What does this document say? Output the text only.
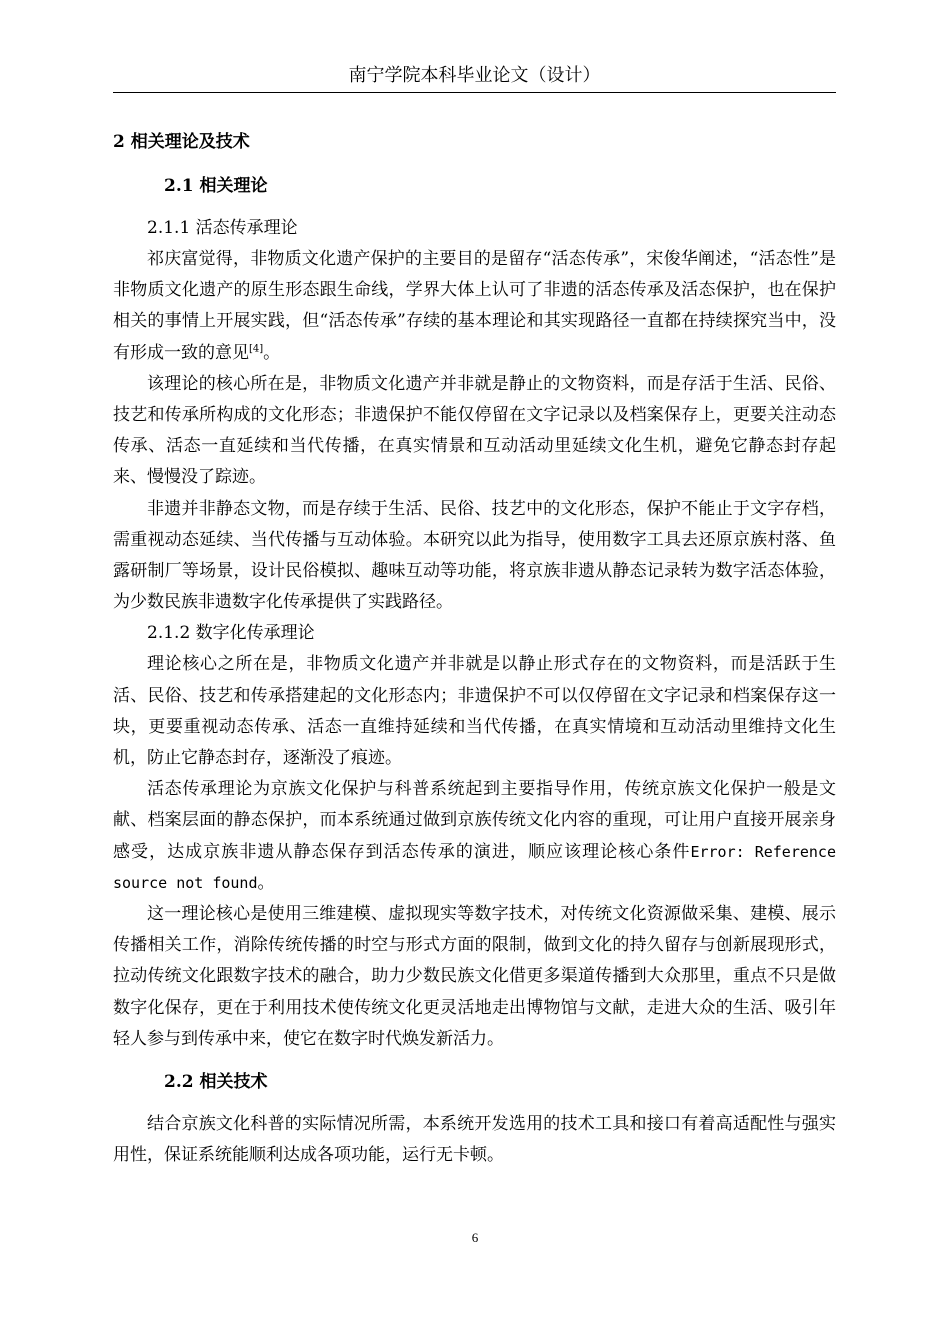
南宁学院本科毕业论文（设计）
2 相关理论及技术
2.1 相关理论
2.1.1 活态传承理论

祁庆富觉得，非物质文化遗产保护的主要目的是留存“活态传承”，宋俊华阐述，“活态性”是非物质文化遗产的原生形态跟生命线，学界大体上认可了非遗的活态传承及活态保护，也在保护相关的事情上开展实践，但“活态传承”存续的基本理论和其实现路径一直都在持续探究当中，没有形成一致的意见[4]。

该理论的核心所在是，非物质文化遗产并非就是静止的文物资料，而是存活于生活、民俗、技艺和传承所构成的文化形态；非遗保护不能仅停留在文字记录以及档案保存上，更要关注动态传承、活态一直延续和当代传播，在真实情景和互动活动里延续文化生机，避免它静态封存起来、慢慢没了踪迹。

非遗并非静态文物，而是存续于生活、民俗、技艺中的文化形态，保护不能止于文字存档，需重视动态延续、当代传播与互动体验。本研究以此为指导，使用数字工具去还原京族村落、鱼露研制厂等场景，设计民俗模拟、趣味互动等功能，将京族非遗从静态记录转为数字活态体验，为少数民族非遗数字化传承提供了实践路径。

2.1.2 数字化传承理论

理论核心之所在是，非物质文化遗产并非就是以静止形式存在的文物资料，而是活跃于生活、民俗、技艺和传承搭建起的文化形态内；非遗保护不可以仅停留在文字记录和档案保存这一块，更要重视动态传承、活态一直维持延续和当代传播，在真实情境和互动活动里维持文化生机，防止它静态封存，逐渐没了痕迹。

活态传承理论为京族文化保护与科普系统起到主要指导作用，传统京族文化保护一般是文献、档案层面的静态保护，而本系统通过做到京族传统文化内容的重现，可让用户直接开展亲身感受，达成京族非遗从静态保存到活态传承的演进，顺应该理论核心条件Error: Reference source not found。

这一理论核心是使用三维建模、虚拟现实等数字技术，对传统文化资源做采集、建模、展示传播相关工作，消除传统传播的时空与形式方面的限制，做到文化的持久留存与创新展现形式，拉动传统文化跟数字技术的融合，助力少数民族文化借更多渠道传播到大众那里，重点不只是做数字化保存，更在于利用技术使传统文化更灵活地走出博物馆与文献，走进大众的生活、吸引年轻人参与到传承中来，使它在数字时代焕发新活力。

2.2 相关技术

结合京族文化科普的实际情况所需，本系统开发选用的技术工具和接口有着高适配性与强实用性，保证系统能顺利达成各项功能，运行无卡顿。

6
